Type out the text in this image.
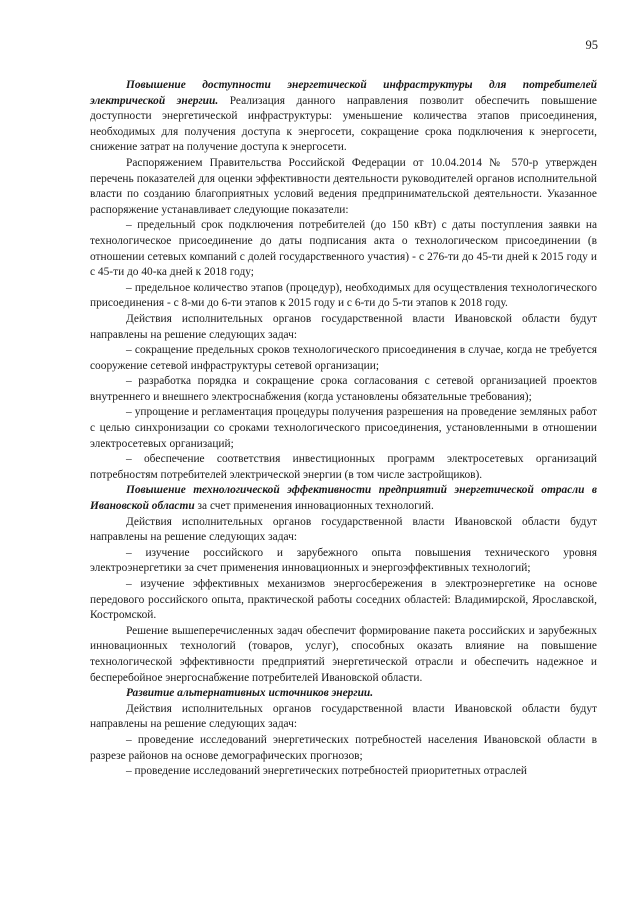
95

Повышение доступности энергетической инфраструктуры для потребителей электрической энергии. Реализация данного направления позволит обеспечить повышение доступности энергетической инфраструктуры: уменьшение количества этапов присоединения, необходимых для получения доступа к энергосети, сокращение срока подключения к энергосети, снижение затрат на получение доступа к энергосети.

Распоряжением Правительства Российской Федерации от 10.04.2014 № 570-р утвержден перечень показателей для оценки эффективности деятельности руководителей органов исполнительной власти по созданию благоприятных условий ведения предпринимательской деятельности. Указанное распоряжение устанавливает следующие показатели:

– предельный срок подключения потребителей (до 150 кВт) с даты поступления заявки на технологическое присоединение до даты подписания акта о технологическом присоединении (в отношении сетевых компаний с долей государственного участия) - с 276-ти до 45-ти дней к 2015 году и с 45-ти до 40-ка дней к 2018 году;

– предельное количество этапов (процедур), необходимых для осуществления технологического присоединения - с 8-ми до 6-ти этапов к 2015 году и с 6-ти до 5-ти этапов к 2018 году.

Действия исполнительных органов государственной власти Ивановской области будут направлены на решение следующих задач:

– сокращение предельных сроков технологического присоединения в случае, когда не требуется сооружение сетевой инфраструктуры сетевой организации;

– разработка порядка и сокращение срока согласования с сетевой организацией проектов внутреннего и внешнего электроснабжения (когда установлены обязательные требования);

– упрощение и регламентация процедуры получения разрешения на проведение земляных работ с целью синхронизации со сроками технологического присоединения, установленными в отношении электросетевых организаций;

– обеспечение соответствия инвестиционных программ электросетевых организаций потребностям потребителей электрической энергии (в том числе застройщиков).

Повышение технологической эффективности предприятий энергетической отрасли в Ивановской области за счет применения инновационных технологий.

Действия исполнительных органов государственной власти Ивановской области будут направлены на решение следующих задач:

– изучение российского и зарубежного опыта повышения технического уровня электроэнергетики за счет применения инновационных и энергоэффективных технологий;

– изучение эффективных механизмов энергосбережения в электроэнергетике на основе передового российского опыта, практической работы соседних областей: Владимирской, Ярославской, Костромской.

Решение вышеперечисленных задач обеспечит формирование пакета российских и зарубежных инновационных технологий (товаров, услуг), способных оказать влияние на повышение технологической эффективности предприятий энергетической отрасли и обеспечить надежное и бесперебойное энергоснабжение потребителей Ивановской области.

Развитие альтернативных источников энергии.

Действия исполнительных органов государственной власти Ивановской области будут направлены на решение следующих задач:

– проведение исследований энергетических потребностей населения Ивановской области в разрезе районов на основе демографических прогнозов;

– проведение исследований энергетических потребностей приоритетных отраслей
